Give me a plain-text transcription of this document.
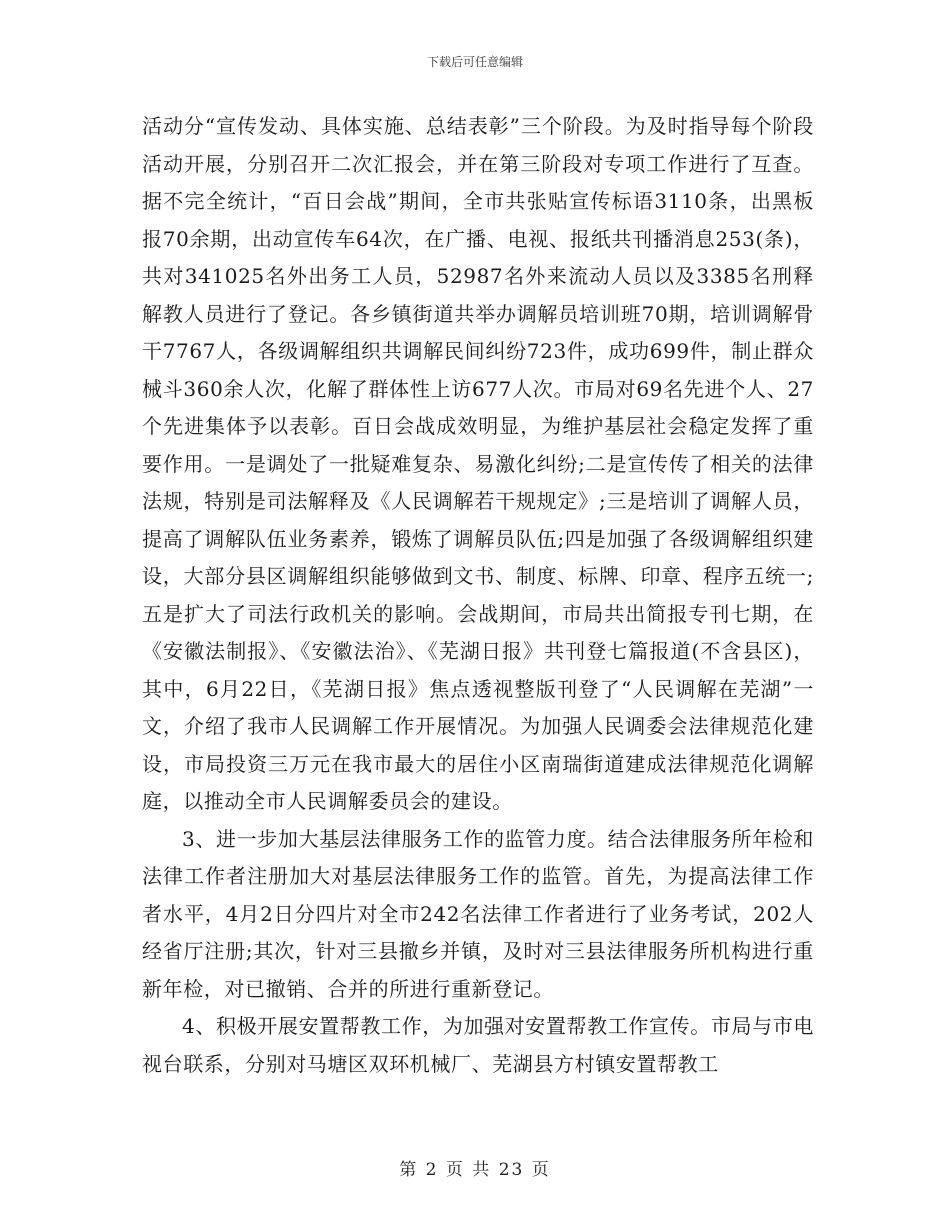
下载后可任意编辑

活动分“宣传发动、具体实施、总结表彰”三个阶段。为及时指导每个阶段活动开展，分别召开二次汇报会，并在第三阶段对专项工作进行了互查。据不完全统计，“百日会战”期间，全市共张贴宣传标语3110条，出黑板报70余期，出动宣传车64次，在广播、电视、报纸共刊播消息253(条)，共对341025名外出务工人员，52987名外来流动人员以及3385名刑释解教人员进行了登记。各乡镇街道共举办调解员培训班70期，培训调解骨干7767人，各级调解组织共调解民间纠纷723件，成功699件，制止群众械斗360余人次，化解了群体性上访677人次。市局对69名先进个人、27个先进集体予以表彰。百日会战成效明显，为维护基层社会稳定发挥了重要作用。一是调处了一批疑难复杂、易激化纠纷;二是宣传传了相关的法律法规，特别是司法解释及《人民调解若干规规定》;三是培训了调解人员，提高了调解队伍业务素养，锻炼了调解员队伍;四是加强了各级调解组织建设，大部分县区调解组织能够做到文书、制度、标牌、印章、程序五统一;五是扩大了司法行政机关的影响。会战期间，市局共出简报专刊七期，在《安徽法制报》、《安徽法治》、《芜湖日报》共刊登七篇报道(不含县区)，其中，6月22日，《芜湖日报》焦点透视整版刊登了“人民调解在芜湖”一文，介绍了我市人民调解工作开展情况。为加强人民调委会法律规范化建设，市局投资三万元在我市最大的居住小区南瑞街道建成法律规范化调解庭，以推动全市人民调解委员会的建设。

3、进一步加大基层法律服务工作的监管力度。结合法律服务所年检和法律工作者注册加大对基层法律服务工作的监管。首先，为提高法律工作者水平，4月2日分四片对全市242名法律工作者进行了业务考试，202人经省厅注册;其次，针对三县撤乡并镇，及时对三县法律服务所机构进行重新年检，对已撤销、合并的所进行重新登记。

4、积极开展安置帮教工作，为加强对安置帮教工作宣传。市局与市电视台联系，分别对马塘区双环机械厂、芜湖县方村镇安置帮教工

第 2 页 共 23 页
